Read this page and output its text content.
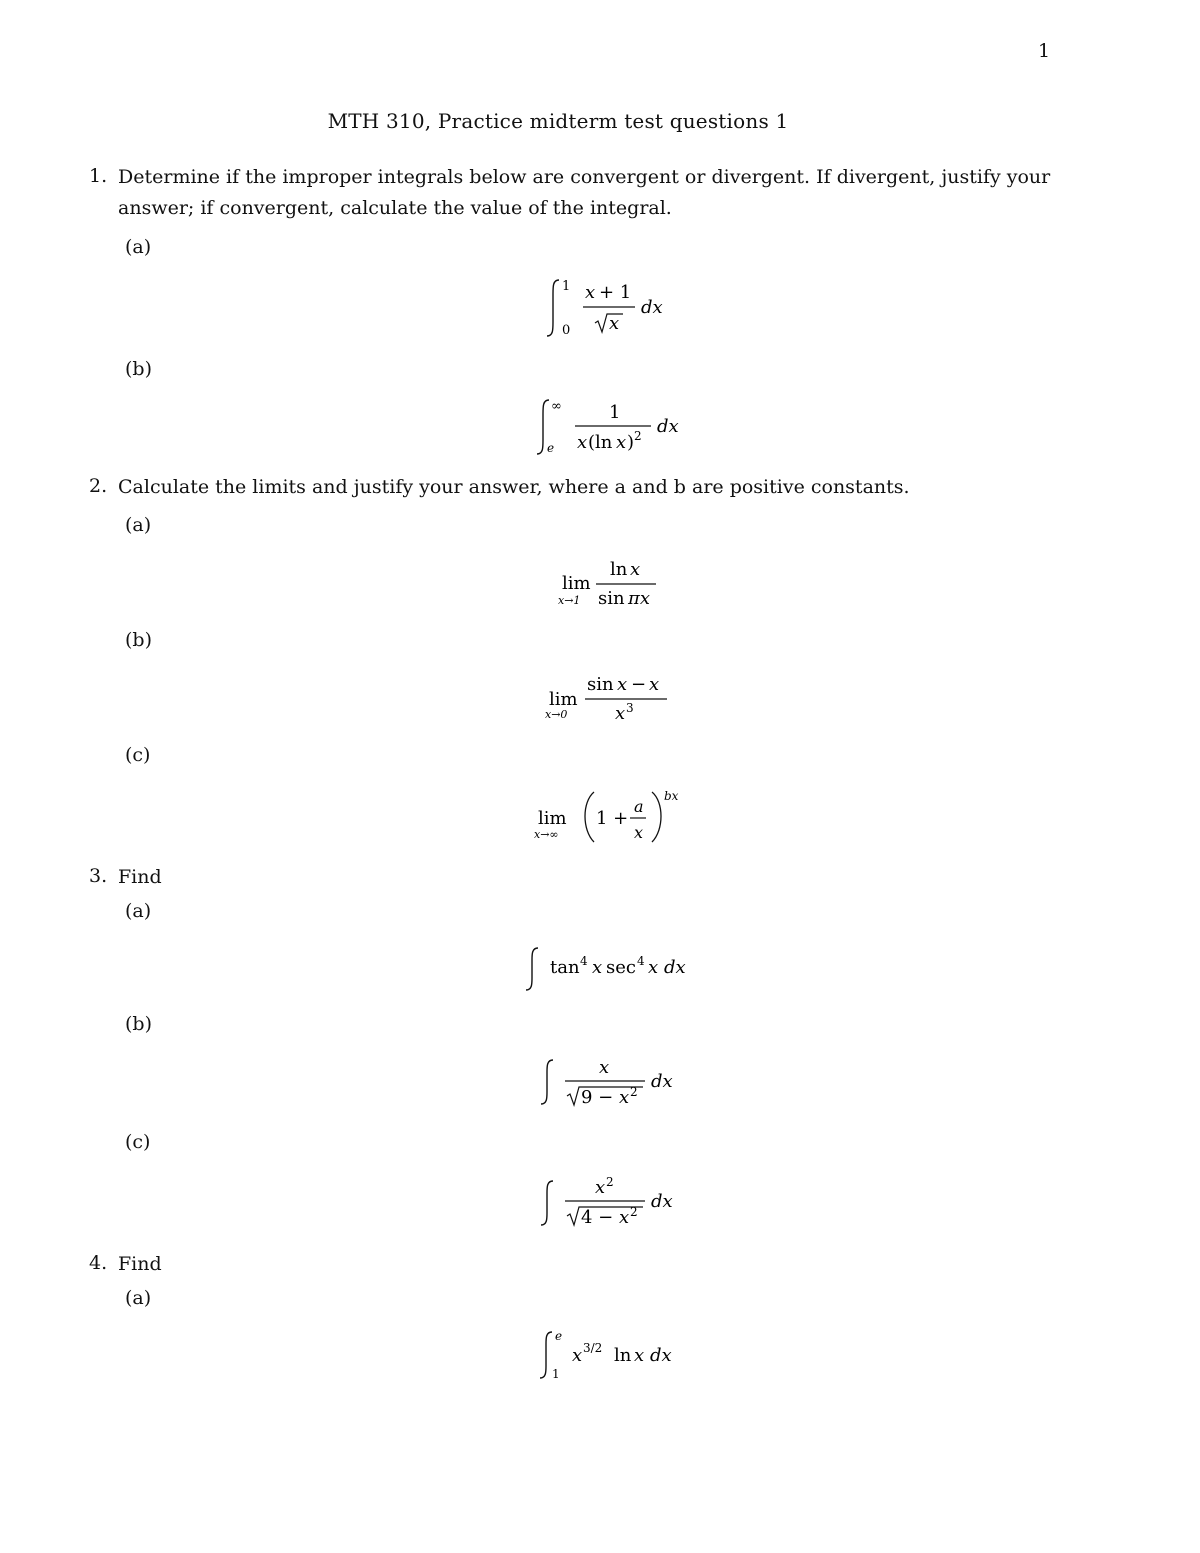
1
MTH 310, Practice midterm test questions 1
1. Determine if the improper integrals below are convergent or divergent. If divergent, justify your
answer; if convergent, calculate the value of the integral.
(a)
1
0
x + 1
x
dx
(b)
∞
e
1
x (ln x ) 2 dx
2. Calculate the limits and justify your answer, where a and b are positive constants.
(a)
lim
x→1
ln x
sin πx
(b)
lim
x→0
sin x − x
x 3
(c)
lim
x→∞
1 +
a
x
bx
3. Find
(a)
tan 4 x sec 4 x dx
(b)
x
9 − x 2 dx
(c)
x 2
4 − x 2 dx
4. Find
(a)
e
1
x 3/2 ln x dx
